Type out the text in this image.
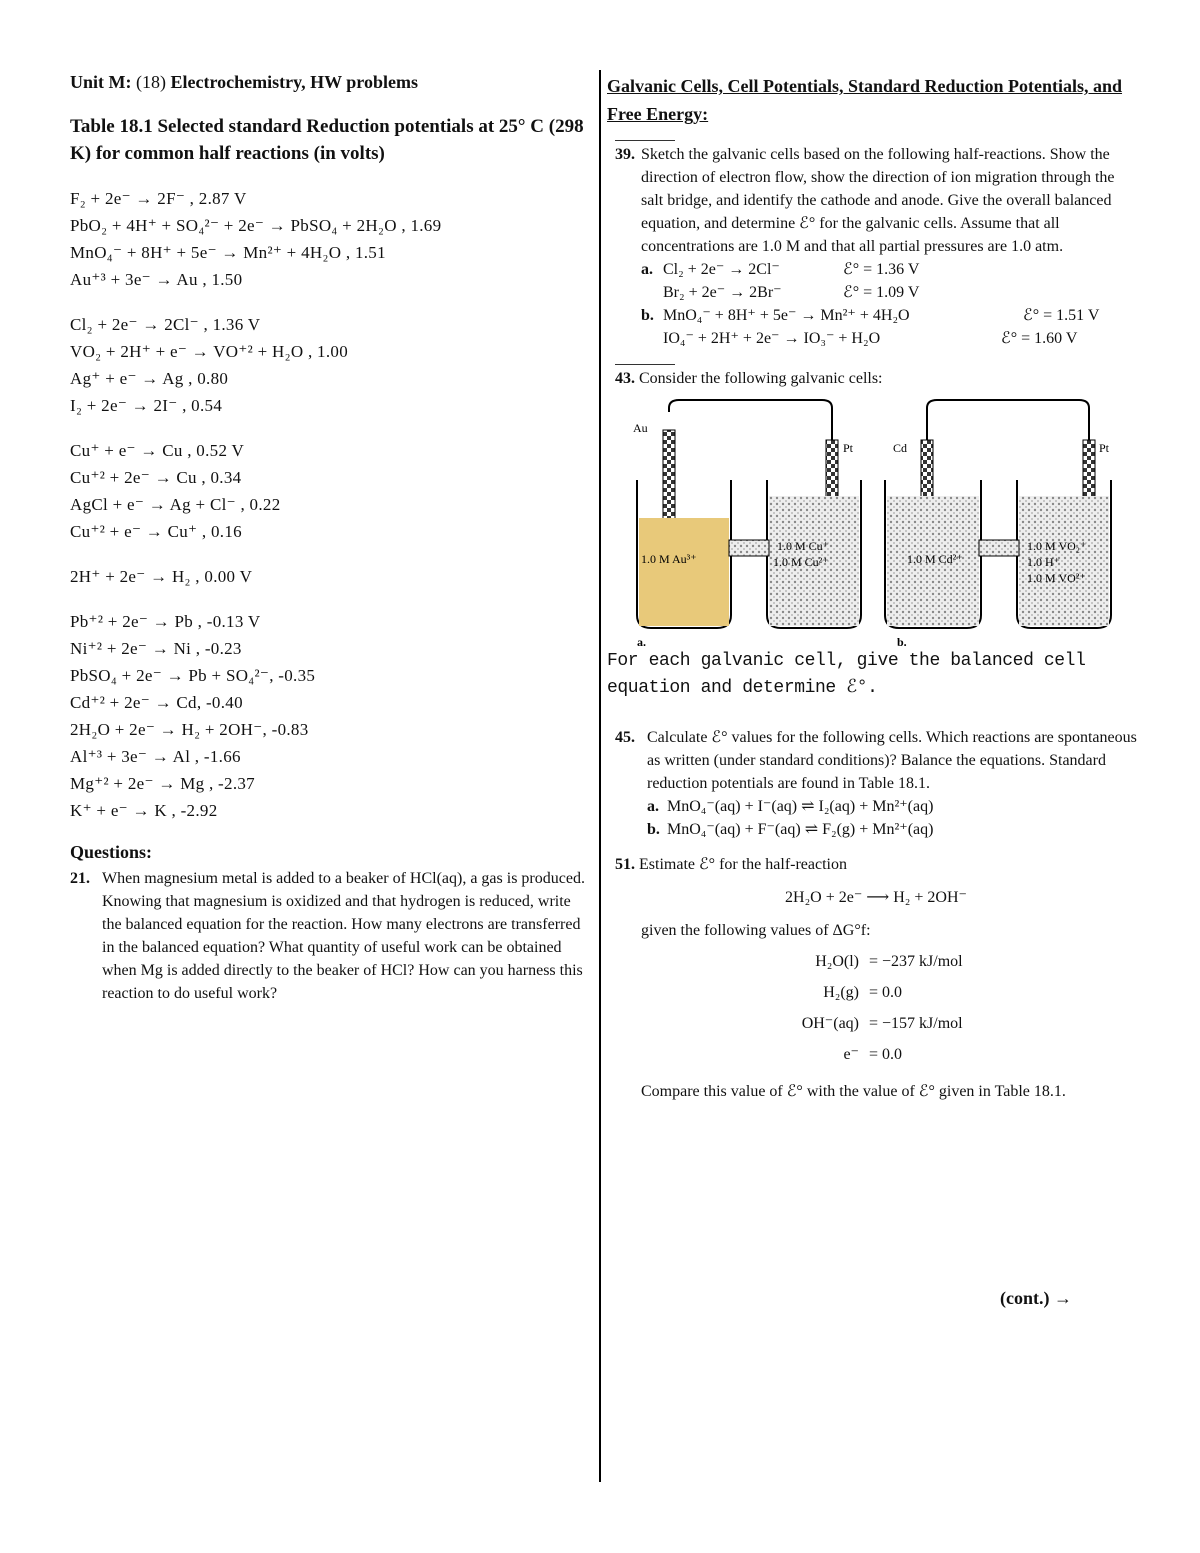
Unit M: (18) Electrochemistry, HW problems
Table 18.1 Selected standard Reduction potentials at 25° C (298 K) for common half reactions (in volts)
F₂ + 2e⁻ → 2F⁻ , 2.87 V
PbO₂ + 4H⁺ + SO₄²⁻ + 2e⁻ → PbSO₄ + 2H₂O , 1.69
MnO₄⁻ + 8H⁺ + 5e⁻ → Mn²⁺ + 4H₂O , 1.51
Au⁺³ + 3e⁻ → Au , 1.50
Cl₂ + 2e⁻ → 2Cl⁻ , 1.36 V
VO₂ + 2H⁺ + e⁻ → VO⁺² + H₂O , 1.00
Ag⁺ + e⁻ → Ag , 0.80
I₂ + 2e⁻ → 2I⁻ , 0.54
Cu⁺ + e⁻ → Cu , 0.52 V
Cu⁺² + 2e⁻ → Cu , 0.34
AgCl + e⁻ → Ag + Cl⁻ , 0.22
Cu⁺² + e⁻ → Cu⁺ , 0.16
2H⁺ + 2e⁻ → H₂ , 0.00 V
Pb⁺² + 2e⁻ → Pb , -0.13 V
Ni⁺² + 2e⁻ → Ni , -0.23
PbSO₄ + 2e⁻ → Pb + SO₄²⁻, -0.35
Cd⁺² + 2e⁻ → Cd, -0.40
2H₂O + 2e⁻ → H₂ + 2OH⁻, -0.83
Al⁺³ + 3e⁻ → Al , -1.66
Mg⁺² + 2e⁻ → Mg , -2.37
K⁺ + e⁻ → K , -2.92
Questions:
21. When magnesium metal is added to a beaker of HCl(aq), a gas is produced. Knowing that magnesium is oxidized and that hydrogen is reduced, write the balanced equation for the reaction. How many electrons are transferred in the balanced equation? What quantity of useful work can be obtained when Mg is added directly to the beaker of HCl? How can you harness this reaction to do useful work?
Galvanic Cells, Cell Potentials, Standard Reduction Potentials, and Free Energy:
39. Sketch the galvanic cells based on the following half-reactions. Show the direction of electron flow, show the direction of ion migration through the salt bridge, and identify the cathode and anode. Give the overall balanced equation, and determine ℰ° for the galvanic cells. Assume that all concentrations are 1.0 M and that all partial pressures are 1.0 atm.
a. Cl₂ + 2e⁻ → 2Cl⁻	ℰ° = 1.36 V
Br₂ + 2e⁻ → 2Br⁻	ℰ° = 1.09 V
b. MnO₄⁻ + 8H⁺ + 5e⁻ → Mn²⁺ + 4H₂O	ℰ° = 1.51 V
IO₄⁻ + 2H⁺ + 2e⁻ → IO₃⁻ + H₂O	ℰ° = 1.60 V
43. Consider the following galvanic cells:
Au
Pt
1.0 M Au³⁺
1.0 M Cu⁺
1.0 M Cu²⁺
a.
Cd	Pt
1.0 M Cd²⁺
1.0 M VO₂⁺
1.0 H⁺
1.0 M VO²⁺
b.
For each galvanic cell, give the balanced cell equation and determine ℰ°.
45. Calculate ℰ° values for the following cells. Which reactions are spontaneous as written (under standard conditions)? Balance the equations. Standard reduction potentials are found in Table 18.1.
a. MnO₄⁻(aq) + I⁻(aq) ⇌ I₂(aq) + Mn²⁺(aq)
b. MnO₄⁻(aq) + F⁻(aq) ⇌ F₂(g) + Mn²⁺(aq)
51. Estimate ℰ° for the half-reaction
2H₂O + 2e⁻ ⟶ H₂ + 2OH⁻
given the following values of ΔG°f:
H₂O(l) = −237 kJ/mol
H₂(g) = 0.0
OH⁻(aq) = −157 kJ/mol
e⁻ = 0.0
Compare this value of ℰ° with the value of ℰ° given in Table 18.1.
(cont.) →
